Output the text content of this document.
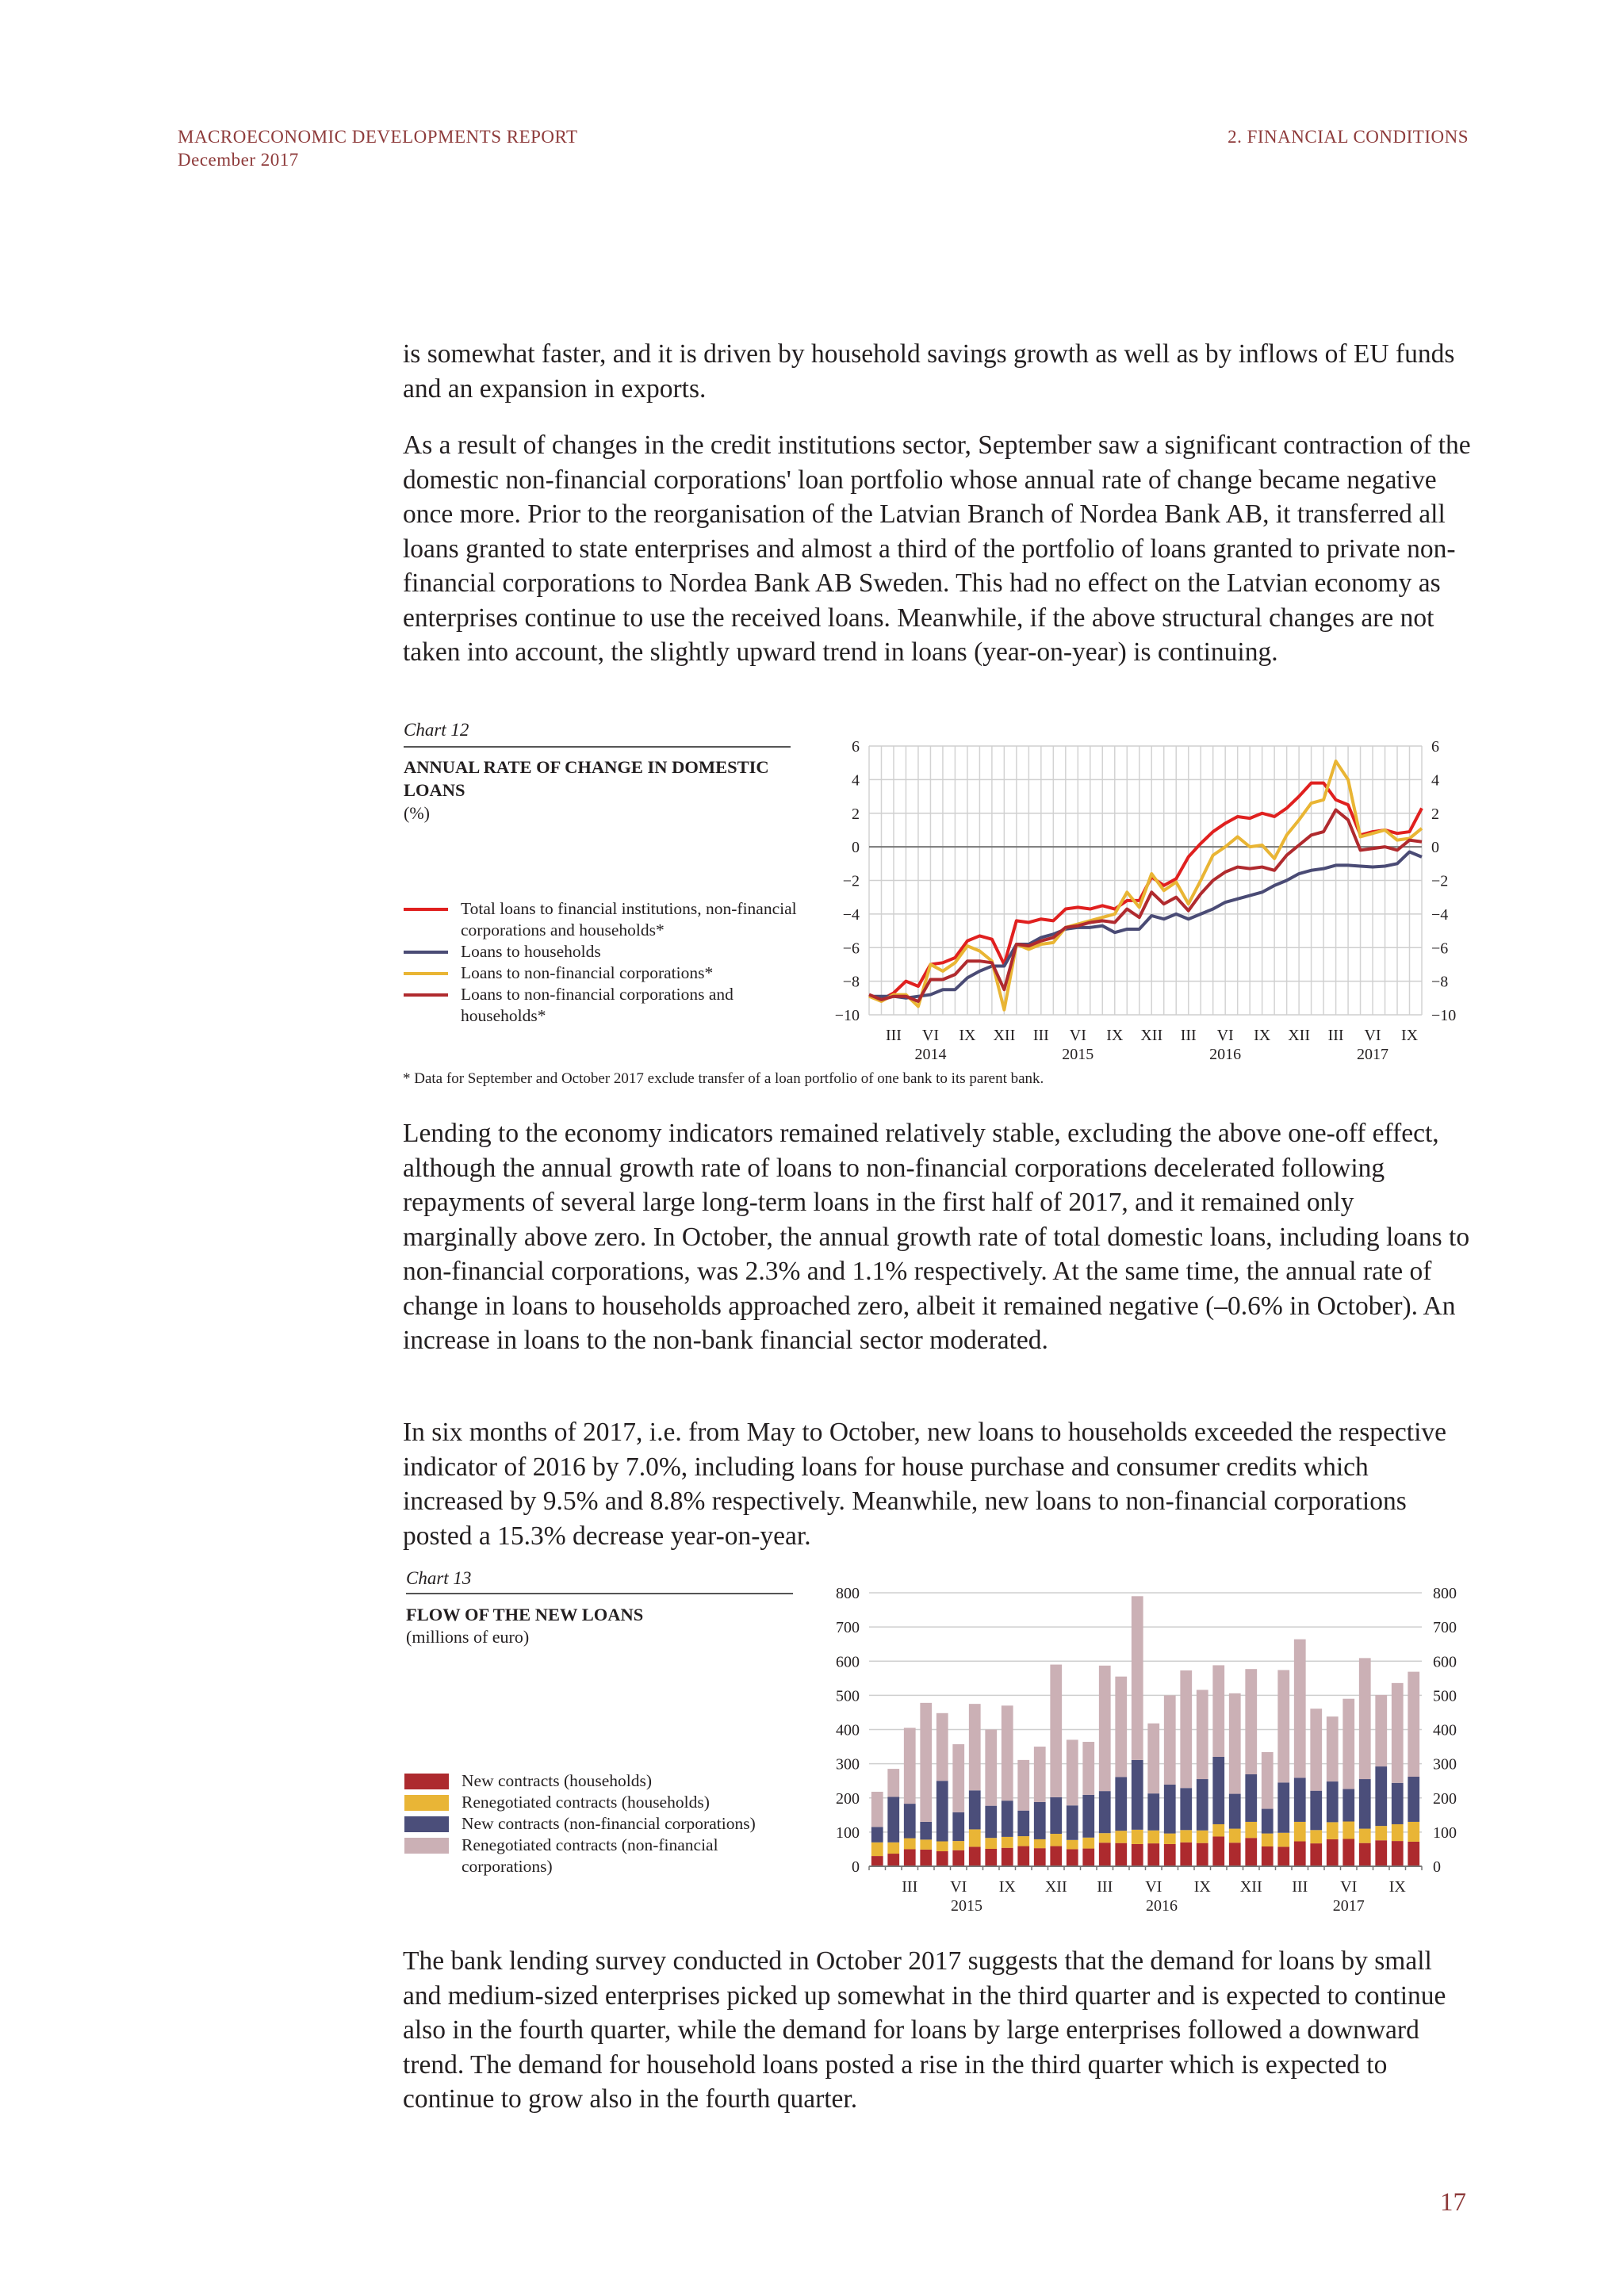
MACROECONOMIC DEVELOPMENTS REPORT
December 2017
2. FINANCIAL CONDITIONS

is somewhat faster, and it is driven by household savings growth as well as by inflows of EU funds and an expansion in exports.

As a result of changes in the credit institutions sector, September saw a significant contraction of the domestic non-financial corporations' loan portfolio whose annual rate of change became negative once more. Prior to the reorganisation of the Latvian Branch of Nordea Bank AB, it transferred all loans granted to state enterprises and almost a third of the portfolio of loans granted to private non-financial corporations to Nordea Bank AB Sweden. This had no effect on the Latvian economy as enterprises continue to use the received loans. Meanwhile, if the above structural changes are not taken into account, the slightly upward trend in loans (year-on-year) is continuing.

Chart 12
ANNUAL RATE OF CHANGE IN DOMESTIC LOANS
(%)
Total loans to financial institutions, non-financial corporations and households*
Loans to households
Loans to non-financial corporations*
Loans to non-financial corporations and households*
6	6
4	4
2	2
0	0
−2	−2
−4	−4
−6	−6
−8	−8
−10	−10
III VI IX XII III VI IX XII III VI IX XII III VI IX
2014	2015	2016	2017
* Data for September and October 2017 exclude transfer of a loan portfolio of one bank to its parent bank.

Lending to the economy indicators remained relatively stable, excluding the above one-off effect, although the annual growth rate of loans to non-financial corporations decelerated following repayments of several large long-term loans in the first half of 2017, and it remained only marginally above zero. In October, the annual growth rate of total domestic loans, including loans to non-financial corporations, was 2.3% and 1.1% respectively. At the same time, the annual rate of change in loans to households approached zero, albeit it remained negative (–0.6% in October). An increase in loans to the non-bank financial sector moderated.

In six months of 2017, i.e. from May to October, new loans to households exceeded the respective indicator of 2016 by 7.0%, including loans for house purchase and consumer credits which increased by 9.5% and 8.8% respectively. Meanwhile, new loans to non-financial corporations posted a 15.3% decrease year-on-year.

Chart 13
FLOW OF THE NEW LOANS
(millions of euro)
New contracts (households)
Renegotiated contracts (households)
New contracts (non-financial corporations)
Renegotiated contracts (non-financial corporations)	0	0
100	100
200	200
300	300
400	400
500	500
600	600
700	700
800	800
III VI IX XII III VI IX XII III VI IX
2015	2016	2017

The bank lending survey conducted in October 2017 suggests that the demand for loans by small and medium-sized enterprises picked up somewhat in the third quarter and is expected to continue also in the fourth quarter, while the demand for loans by large enterprises followed a downward trend. The demand for household loans posted a rise in the third quarter which is expected to continue to grow also in the fourth quarter.

17
